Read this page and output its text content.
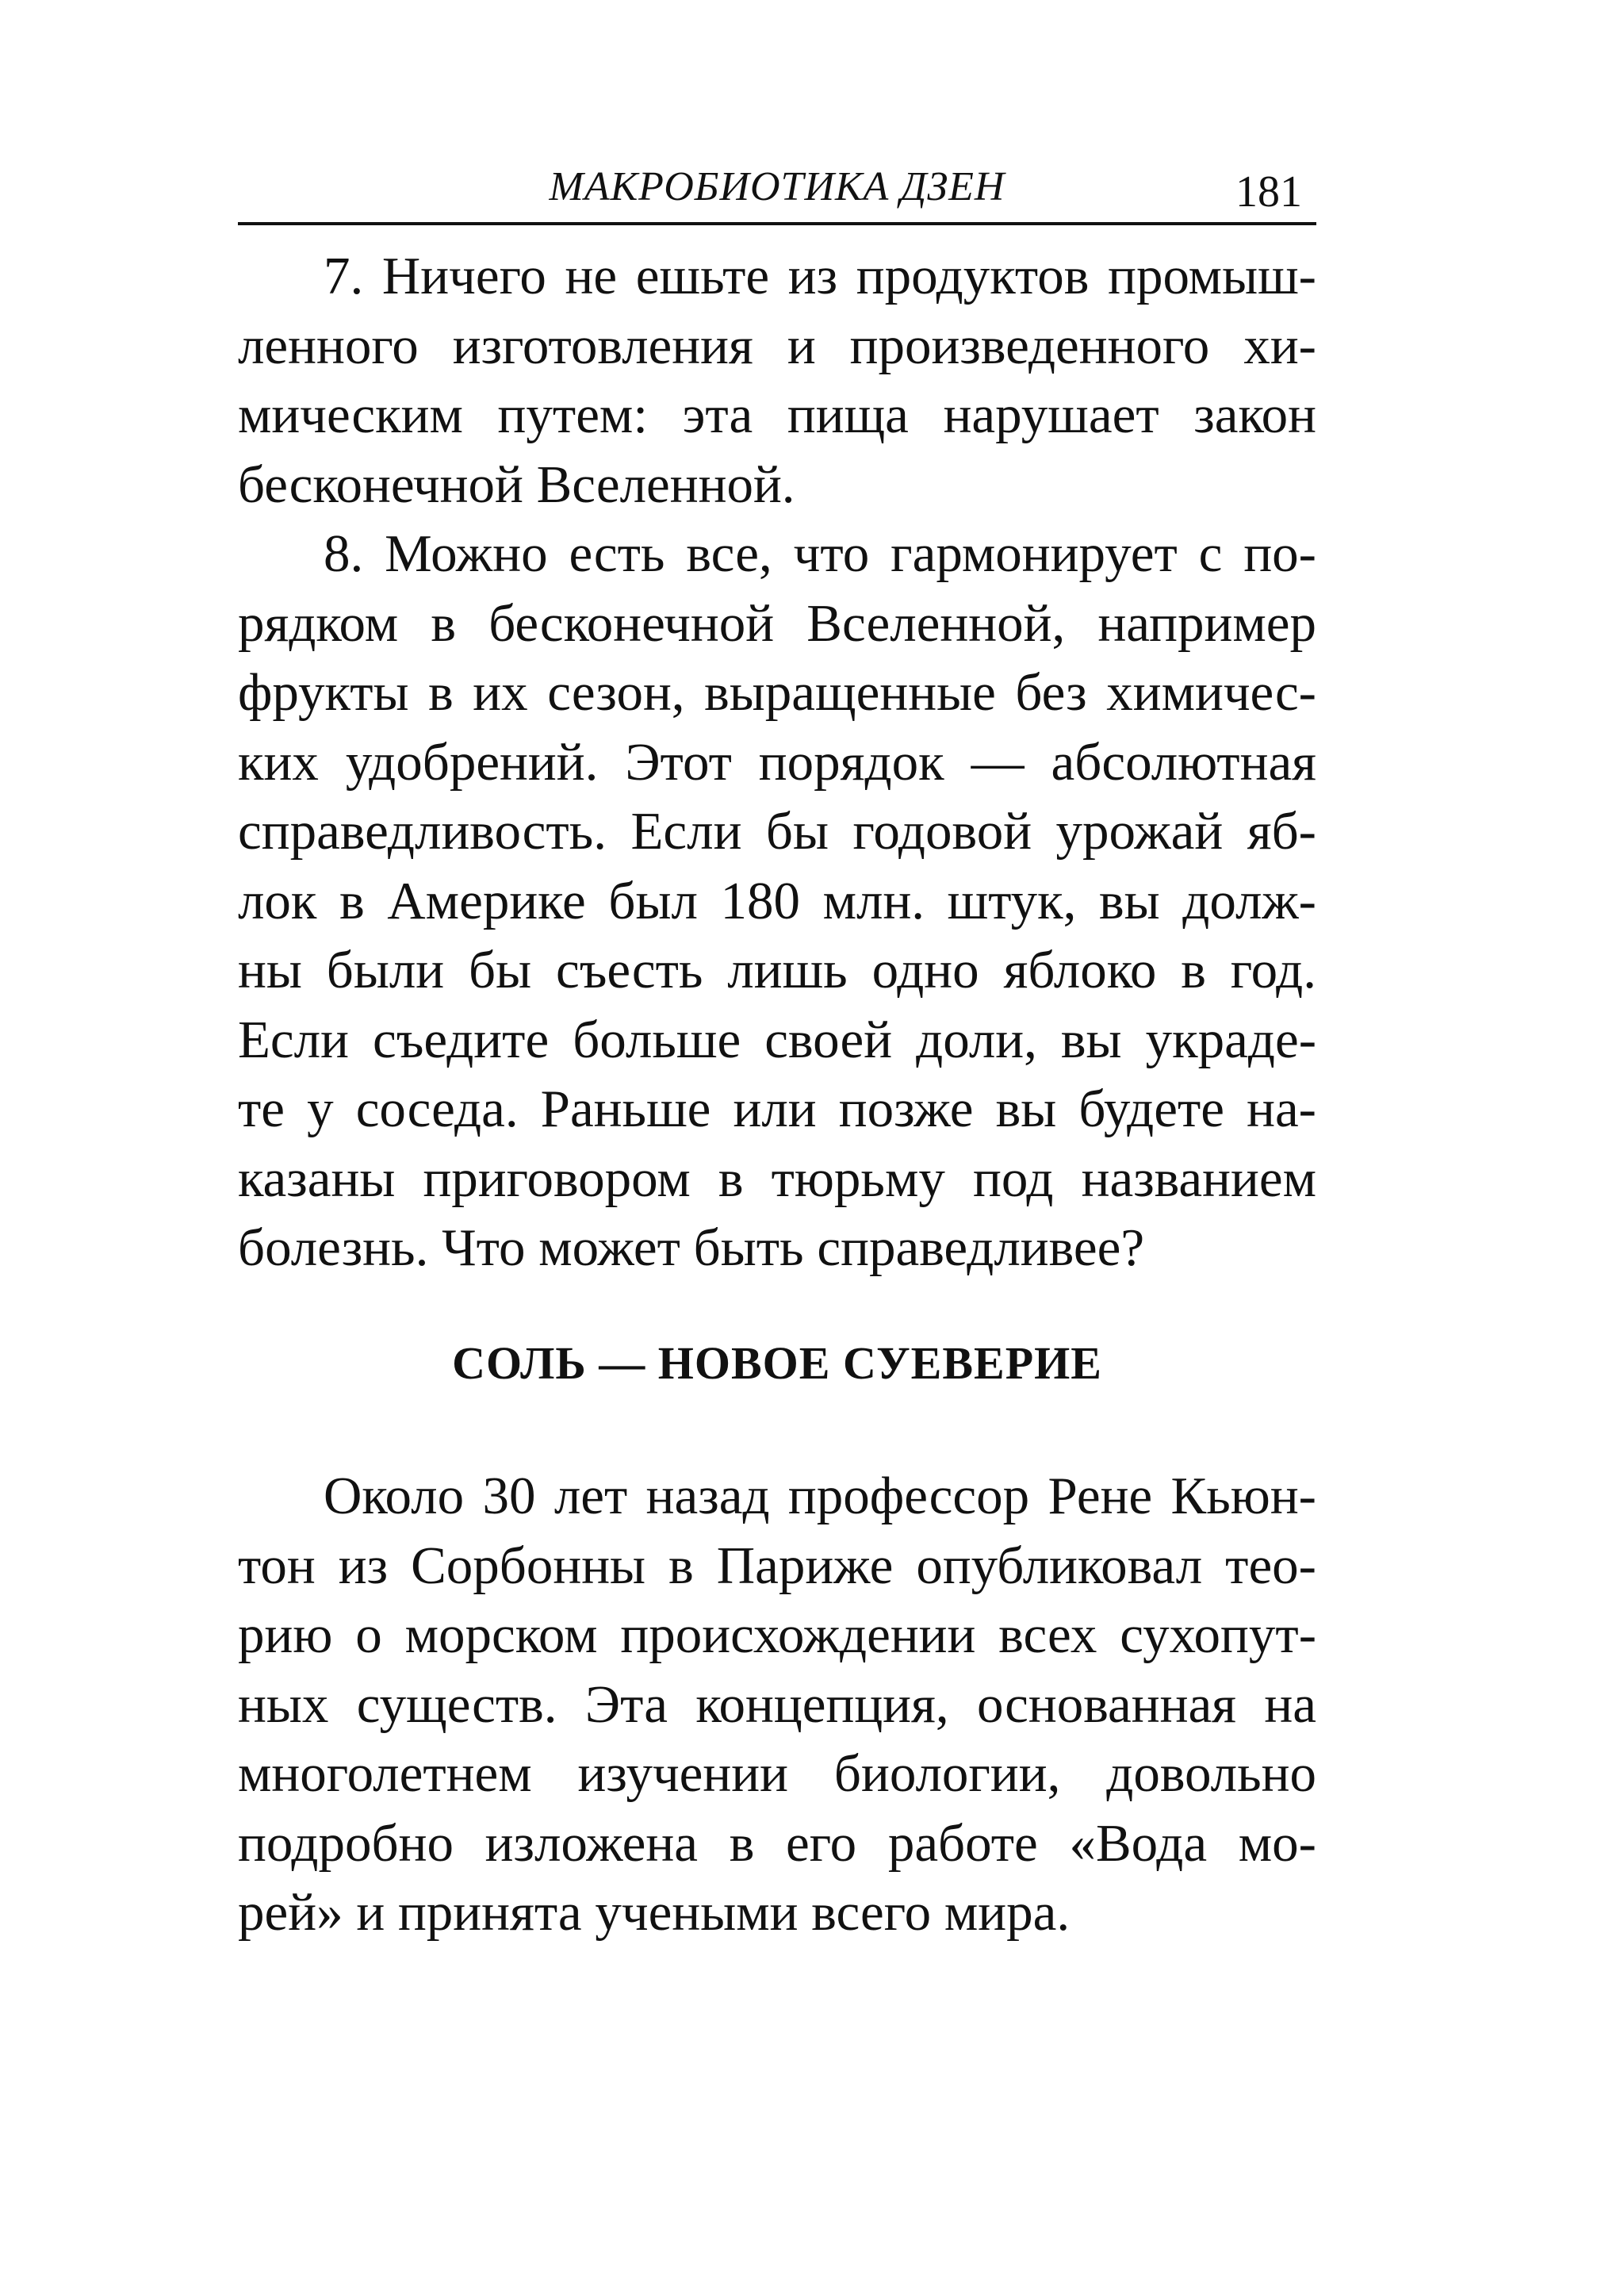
МАКРОБИОТИКА ДЗЕН	181
7. Ничего не ешьте из продуктов промыш-
ленного изготовления и произведенного хи-
мическим путем: эта пища нарушает закон
бесконечной Вселенной.
8. Можно есть все, что гармонирует с по-
рядком в бесконечной Вселенной, например
фрукты в их сезон, выращенные без химичес-
ких удобрений. Этот порядок — абсолютная
справедливость. Если бы годовой урожай яб-
лок в Америке был 180 млн. штук, вы долж-
ны были бы съесть лишь одно яблоко в год.
Если съедите больше своей доли, вы украде-
те у соседа. Раньше или позже вы будете на-
казаны приговором в тюрьму под названием
болезнь. Что может быть справедливее?
СОЛЬ — НОВОЕ СУЕВЕРИЕ
Около 30 лет назад профессор Рене Кьюн-
тон из Сорбонны в Париже опубликовал тео-
рию о морском происхождении всех сухопут-
ных существ. Эта концепция, основанная на
многолетнем изучении биологии, довольно
подробно изложена в его работе «Вода мо-
рей» и принята учеными всего мира.
